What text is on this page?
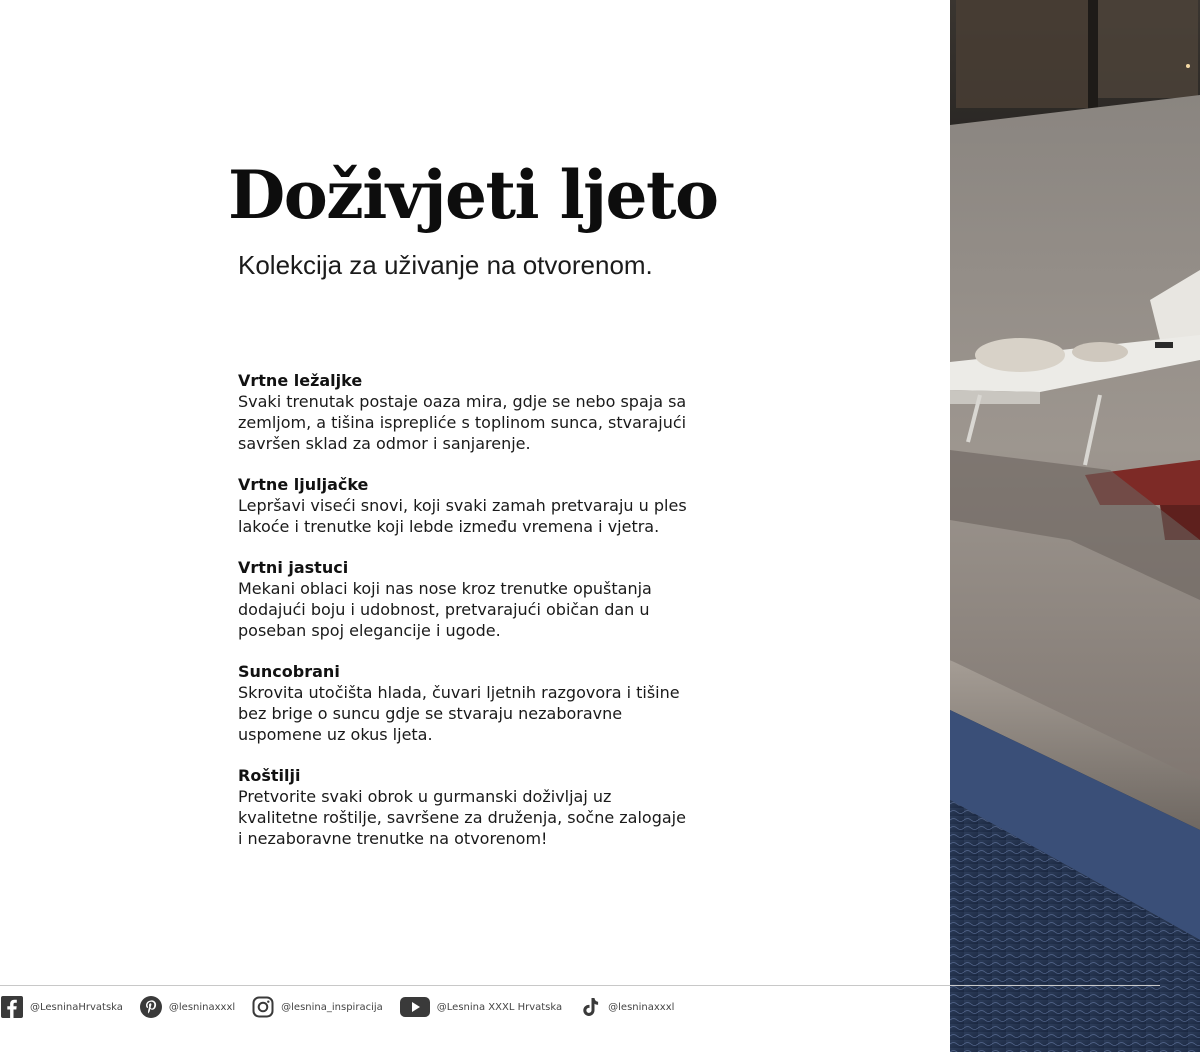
Doživjeti ljeto
Kolekcija za uživanje na otvorenom.
Vrtne ležaljke

Svaki trenutak postaje oaza mira, gdje se nebo spaja sa zemljom, a tišina isprepliće s toplinom sunca, stvarajući savršen sklad za odmor i sanjarenje.

Vrtne ljuljačke

Lepršavi viseći snovi, koji svaki zamah pretvaraju u ples lakoće i trenutke koji lebde između vremena i vjetra.

Vrtni jastuci

Mekani oblaci koji nas nose kroz trenutke opuštanja dodajući boju i udobnost, pretvarajući običan dan u poseban spoj elegancije i ugode.

Suncobrani

Skrovita utočišta hlada, čuvari ljetnih razgovora i tišine bez brige o suncu gdje se stvaraju nezaboravne uspomene uz okus ljeta.

Roštilji

Pretvorite svaki obrok u gurmanski doživljaj uz kvalitetne roštilje, savršene za druženja, sočne zalogaje i nezaboravne trenutke na otvorenom!

@LesninaHrvatska	@lesninaxxxl	@lesnina_inspiracija	@Lesnina XXXL Hrvatska	@lesninaxxxl
